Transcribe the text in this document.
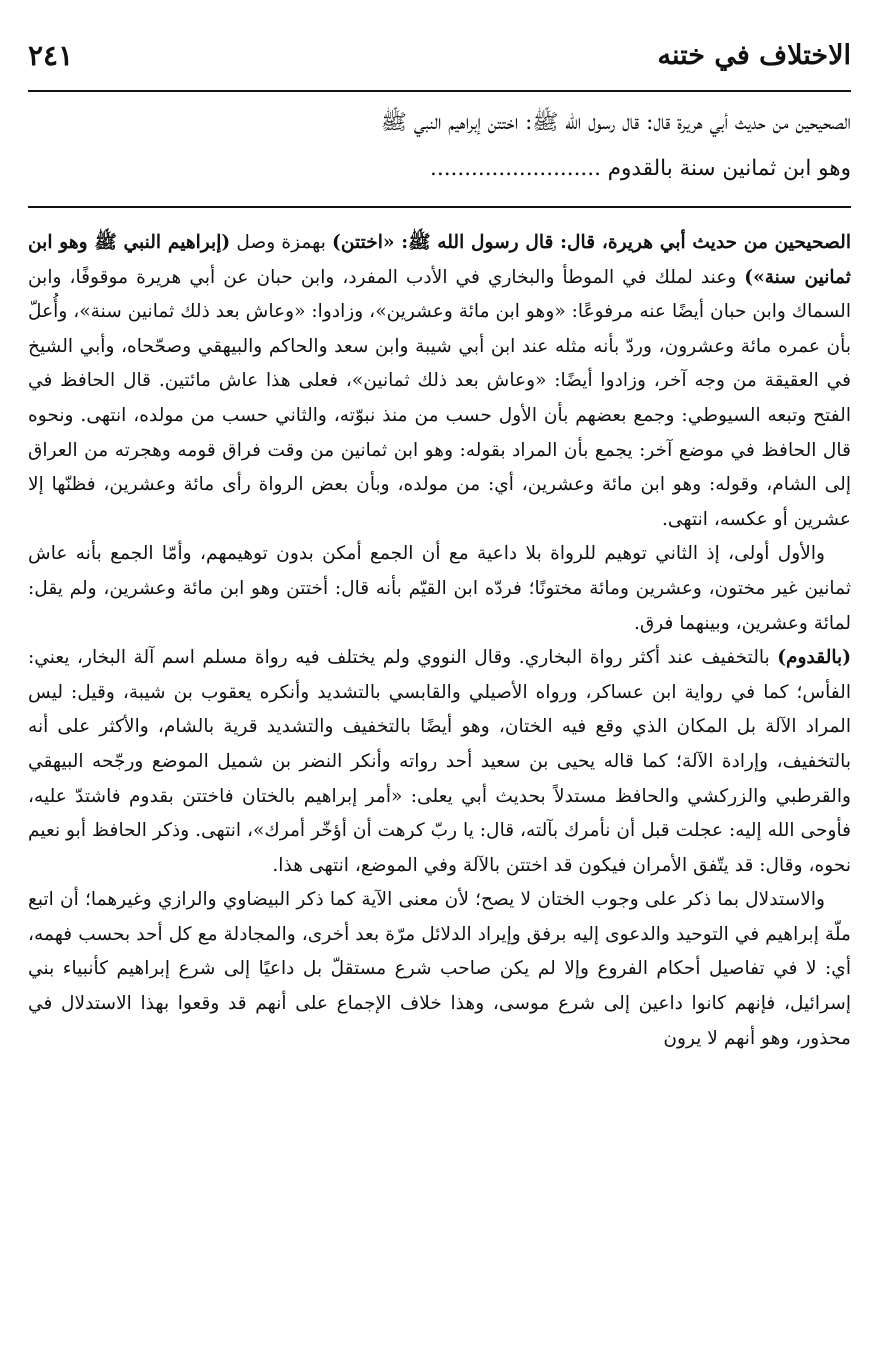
الاختلاف في ختنه
٢٤١

الصحيحين من حديث أبي هريرة قال: قال رسول الله ﷺ: اختتن إبراهيم النبي ﷺ

وهو ابن ثمانين سنة بالقدوم .........................

الصحيحين من حديث أبي هريرة، قال: قال رسول الله ﷺ: «اختتن) بهمزة وصل (إبراهيم النبي ﷺ وهو ابن ثمانين سنة») وعند لملك في الموطأ والبخاري في الأدب المفرد، وابن حبان عن أبي هريرة موقوفًا، وابن السماك وابن حبان أيضًا عنه مرفوعًا: «وهو ابن مائة وعشرين»، وزادوا: «وعاش بعد ذلك ثمانين سنة»، وأُعلّ بأن عمره مائة وعشرون، وردّ بأنه مثله عند ابن أبي شيبة وابن سعد والحاكم والبيهقي وصحّحاه، وأبي الشيخ في العقيقة من وجه آخر، وزادوا أيضًا: «وعاش بعد ذلك ثمانين»، فعلى هذا عاش مائتين. قال الحافظ في الفتح وتبعه السيوطي: وجمع بعضهم بأن الأول حسب من منذ نبوّته، والثاني حسب من مولده، انتهى. ونحوه قال الحافظ في موضع آخر: يجمع بأن المراد بقوله: وهو ابن ثمانين من وقت فراق قومه وهجرته من العراق إلى الشام، وقوله: وهو ابن مائة وعشرين، أي: من مولده، وبأن بعض الرواة رأى مائة وعشرين، فظنّها إلا عشرين أو عكسه، انتهى.

والأول أولى، إذ الثاني توهيم للرواة بلا داعية مع أن الجمع أمكن بدون توهيمهم، وأمّا الجمع بأنه عاش ثمانين غير مختون، وعشرين ومائة مختونًا؛ فردّه ابن القيّم بأنه قال: أختتن وهو ابن مائة وعشرين، ولم يقل: لمائة وعشرين، وبينهما فرق.

(بالقدوم) بالتخفيف عند أكثر رواة البخاري. وقال النووي ولم يختلف فيه رواة مسلم اسم آلة البخار، يعني: الفأس؛ كما في رواية ابن عساكر، ورواه الأصيلي والقابسي بالتشديد وأنكره يعقوب بن شيبة، وقيل: ليس المراد الآلة بل المكان الذي وقع فيه الختان، وهو أيضًا بالتخفيف والتشديد قرية بالشام، والأكثر على أنه بالتخفيف، وإرادة الآلة؛ كما قاله يحيى بن سعيد أحد رواته وأنكر النضر بن شميل الموضع ورجّحه البيهقي والقرطبي والزركشي والحافظ مستدلاً بحديث أبي يعلى: «أمر إبراهيم بالختان فاختتن بقدوم فاشتدّ عليه، فأوحى الله إليه: عجلت قبل أن نأمرك بآلته، قال: يا ربّ كرهت أن أؤخّر أمرك»، انتهى. وذكر الحافظ أبو نعيم نحوه، وقال: قد يتّفق الأمران فيكون قد اختتن بالآلة وفي الموضع، انتهى هذا.

والاستدلال بما ذكر على وجوب الختان لا يصح؛ لأن معنى الآية كما ذكر البيضاوي والرازي وغيرهما؛ أن اتبع ملّة إبراهيم في التوحيد والدعوى إليه برفق وإيراد الدلائل مرّة بعد أخرى، والمجادلة مع كل أحد بحسب فهمه، أي: لا في تفاصيل أحكام الفروع وإلا لم يكن صاحب شرع مستقلّ بل داعيًا إلى شرع إبراهيم كأنبياء بني إسرائيل، فإنهم كانوا داعين إلى شرع موسى، وهذا خلاف الإجماع على أنهم قد وقعوا بهذا الاستدلال في محذور، وهو أنهم لا يرون
